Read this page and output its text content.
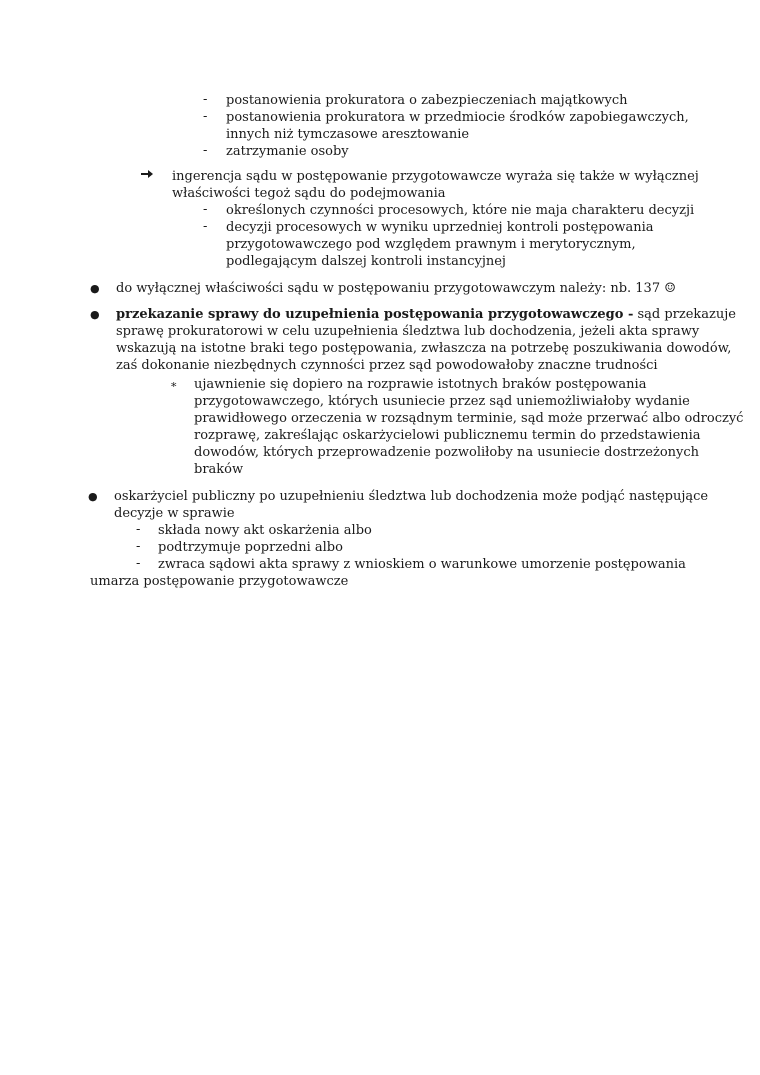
-	postanowienia prokuratora o zabezpieczeniach majątkowych
-	postanowienia prokuratora w przedmiocie środków zapobiegawczych,
innych niż tymczasowe aresztowanie
-	zatrzymanie osoby
ingerencja sądu w postępowanie przygotowawcze wyraża się także w wyłącznej
właściwości tegoż sądu do podejmowania
-	określonych czynności procesowych, które nie maja charakteru decyzji
-	decyzji procesowych w wyniku uprzedniej kontroli postępowania
przygotowawczego pod względem prawnym i merytorycznym,
podlegającym dalszej kontroli instancyjnej
●	do wyłącznej właściwości sądu w postępowaniu przygotowawczym należy: nb. 137 ☺
●	przekazanie sprawy do uzupełnienia postępowania przygotowawczego - sąd przekazuje
sprawę prokuratorowi w celu uzupełnienia śledztwa lub dochodzenia, jeżeli akta sprawy
wskazują na istotne braki tego postępowania, zwłaszcza na potrzebę poszukiwania dowodów,
zaś dokonanie niezbędnych czynności przez sąd powodowałoby znaczne trudności
∗	ujawnienie się dopiero na rozprawie istotnych braków postępowania
przygotowawczego, których usuniecie przez sąd uniemożliwiałoby wydanie
prawidłowego orzeczenia w rozsądnym terminie, sąd może przerwać albo odroczyć
rozprawę, zakreślając oskarżycielowi publicznemu termin do przedstawienia
dowodów, których przeprowadzenie pozwoliłoby na usuniecie dostrzeżonych
braków
●	oskarżyciel publiczny po uzupełnieniu śledztwa lub dochodzenia może podjąć następujące
decyzje w sprawie
-	składa nowy akt oskarżenia albo
-	podtrzymuje poprzedni albo
-	zwraca sądowi akta sprawy z wnioskiem o warunkowe umorzenie postępowania
umarza postępowanie przygotowawcze
